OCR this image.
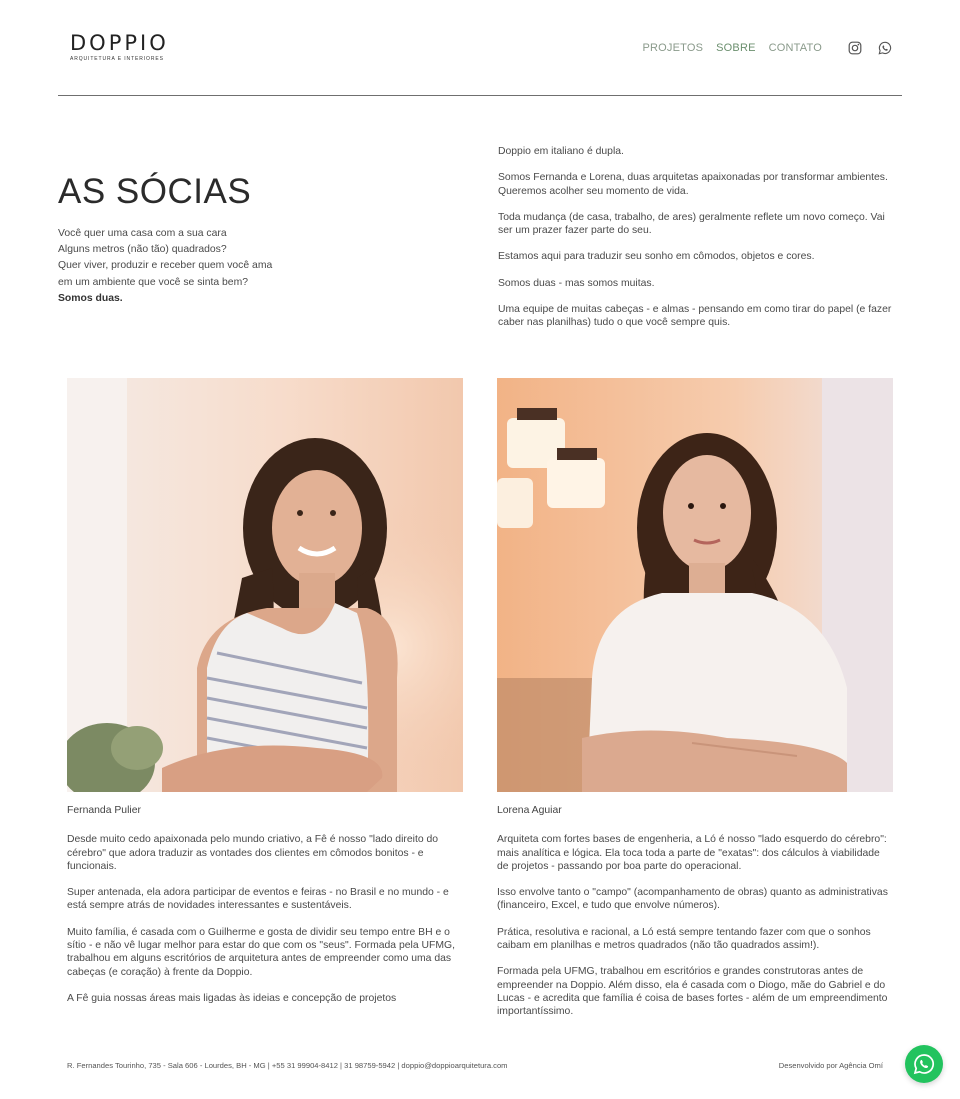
DOPPIO
ARQUITETURA E INTERIORES
PROJETOS SOBRE CONTATO
AS SÓCIAS
Você quer uma casa com a sua cara
Alguns metros (não tão) quadrados?
Quer viver, produzir e receber quem você ama
em um ambiente que você se sinta bem?
Somos duas.

Doppio em italiano é dupla.

Somos Fernanda e Lorena, duas arquitetas apaixonadas por transformar ambientes. Queremos acolher seu momento de vida.

Toda mudança (de casa, trabalho, de ares) geralmente reflete um novo começo. Vai ser um prazer fazer parte do seu.

Estamos aqui para traduzir seu sonho em cômodos, objetos e cores.

Somos duas - mas somos muitas.

Uma equipe de muitas cabeças - e almas - pensando em como tirar do papel (e fazer caber nas planilhas) tudo o que você sempre quis.

Fernanda Pulier

Desde muito cedo apaixonada pelo mundo criativo, a Fê é nosso "lado direito do cérebro" que adora traduzir as vontades dos clientes em cômodos bonitos - e funcionais.

Super antenada, ela adora participar de eventos e feiras - no Brasil e no mundo - e está sempre atrás de novidades interessantes e sustentáveis.

Muito família, é casada com o Guilherme e gosta de dividir seu tempo entre BH e o sítio - e não vê lugar melhor para estar do que com os "seus". Formada pela UFMG, trabalhou em alguns escritórios de arquitetura antes de empreender como uma das cabeças (e coração) à frente da Doppio.

A Fê guia nossas áreas mais ligadas às ideias e concepção de projetos

Lorena Aguiar

Arquiteta com fortes bases de engenheria, a Ló é nosso "lado esquerdo do cérebro": mais analítica e lógica. Ela toca toda a parte de "exatas": dos cálculos à viabilidade de projetos - passando por boa parte do operacional.

Isso envolve tanto o "campo" (acompanhamento de obras) quanto as administrativas (financeiro, Excel, e tudo que envolve números).

Prática, resolutiva e racional, a Ló está sempre tentando fazer com que o sonhos caibam em planilhas e metros quadrados (não tão quadrados assim!).

Formada pela UFMG, trabalhou em escritórios e grandes construtoras antes de empreender na Doppio. Além disso, ela é casada com o Diogo, mãe do Gabriel e do Lucas - e acredita que família é coisa de bases fortes - além de um empreendimento importantíssimo.

R. Fernandes Tourinho, 735 - Sala 606 - Lourdes, BH - MG | +55 31 99904-8412 | 31 98759-5942 | doppio@doppioarquitetura.com	Desenvolvido por Agência Omí
